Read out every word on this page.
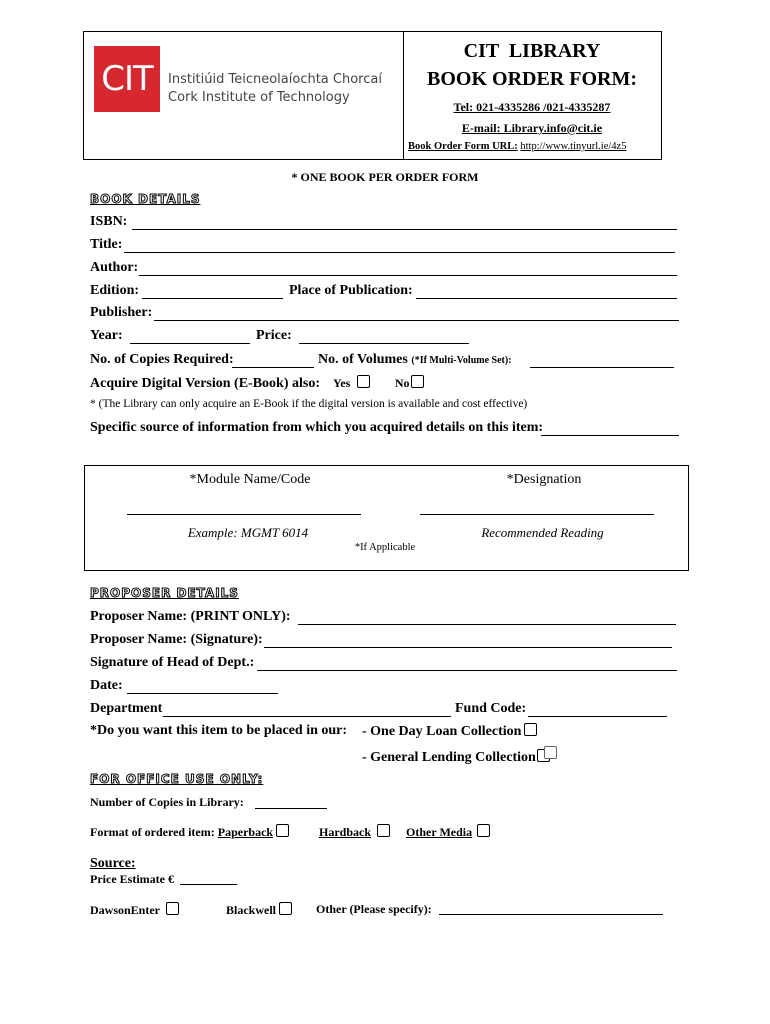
CIT	Institiúid Teicneolaíochta Chorcaí
Cork Institute of Technology
CIT  LIBRARY
BOOK ORDER FORM:
Tel: 021-4335286 /021-4335287
E-mail: Library.info@cit.ie
Book Order Form URL: http://www.tinyurl.ie/4z5
* ONE BOOK PER ORDER FORM
BOOK DETAILS
ISBN:
Title:
Author:
Edition:	Place of Publication:
Publisher:
Year:	Price:
No. of Copies Required:	No. of Volumes (*If Multi-Volume Set):
Acquire Digital Version (E-Book) also: Yes	No
* (The Library can only acquire an E-Book if the digital version is available and cost effective)
Specific source of information from which you acquired details on this item:
*Module Name/Code	*Designation
Example: MGMT 6014	Recommended Reading
*If Applicable
PROPOSER DETAILS
Proposer Name: (PRINT ONLY):
Proposer Name: (Signature):
Signature of Head of Dept.:
Date:
Department	Fund Code:
*Do you want this item to be placed in our: - One Day Loan Collection
- General Lending Collection
FOR OFFICE USE ONLY:
Number of Copies in Library:
Format of ordered item: Paperback	Hardback	Other Media
Source:
Price Estimate €
DawsonEnter	Blackwell	Other (Please specify):
